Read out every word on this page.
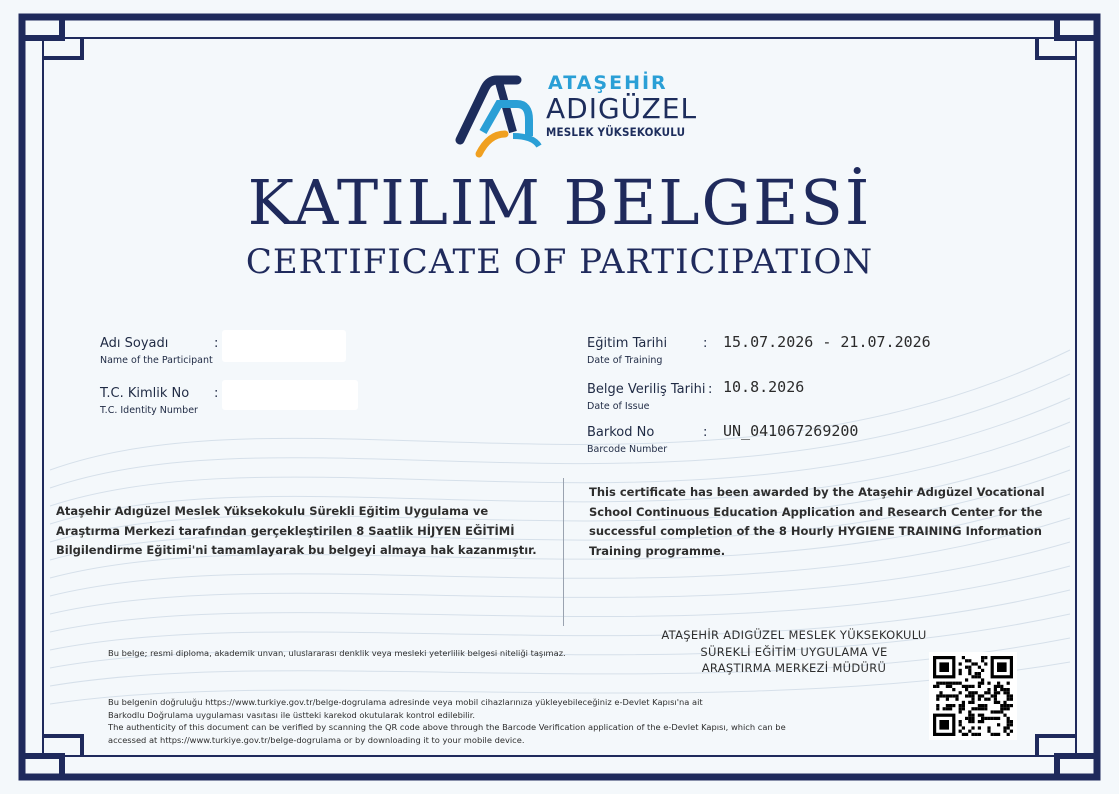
ATAŞEHİR
ADIGÜZEL
MESLEK YÜKSEKOKULU
KATILIM BELGESİ
CERTIFICATE OF PARTICIPATION
Adı Soyadı
Name of the Participant
:
T.C. Kimlik No
T.C. Identity Number
:
Eğitim Tarihi
Date of Training
: 15.07.2026 - 21.07.2026
Belge Veriliş Tarihi
Date of Issue
: 10.8.2026
Barkod No
Barcode Number
: UN_041067269200
Ataşehir Adıgüzel Meslek Yüksekokulu Sürekli Eğitim Uygulama ve
Araştırma Merkezi tarafından gerçekleştirilen 8 Saatlik HİJYEN EĞİTİMİ
Bilgilendirme Eğitimi'ni tamamlayarak bu belgeyi almaya hak kazanmıştır.
This certificate has been awarded by the Ataşehir Adıgüzel Vocational
School Continuous Education Application and Research Center for the
successful completion of the 8 Hourly HYGIENE TRAINING Information
Training programme.
Bu belge; resmi diploma, akademik unvan, uluslararası denklik veya mesleki yeterlilik belgesi niteliği taşımaz.
Bu belgenin doğruluğu https://www.turkiye.gov.tr/belge-dogrulama adresinde veya mobil cihazlarınıza yükleyebileceğiniz e-Devlet Kapısı'na ait
Barkodlu Doğrulama uygulaması vasıtası ile üstteki karekod okutularak kontrol edilebilir.
The authenticity of this document can be verified by scanning the QR code above through the Barcode Verification application of the e-Devlet Kapısı, which can be
accessed at https://www.turkiye.gov.tr/belge-dogrulama or by downloading it to your mobile device.
ATAŞEHİR ADIGÜZEL MESLEK YÜKSEKOKULU
SÜREKLİ EĞİTİM UYGULAMA VE
ARAŞTIRMA MERKEZİ MÜDÜRÜ
